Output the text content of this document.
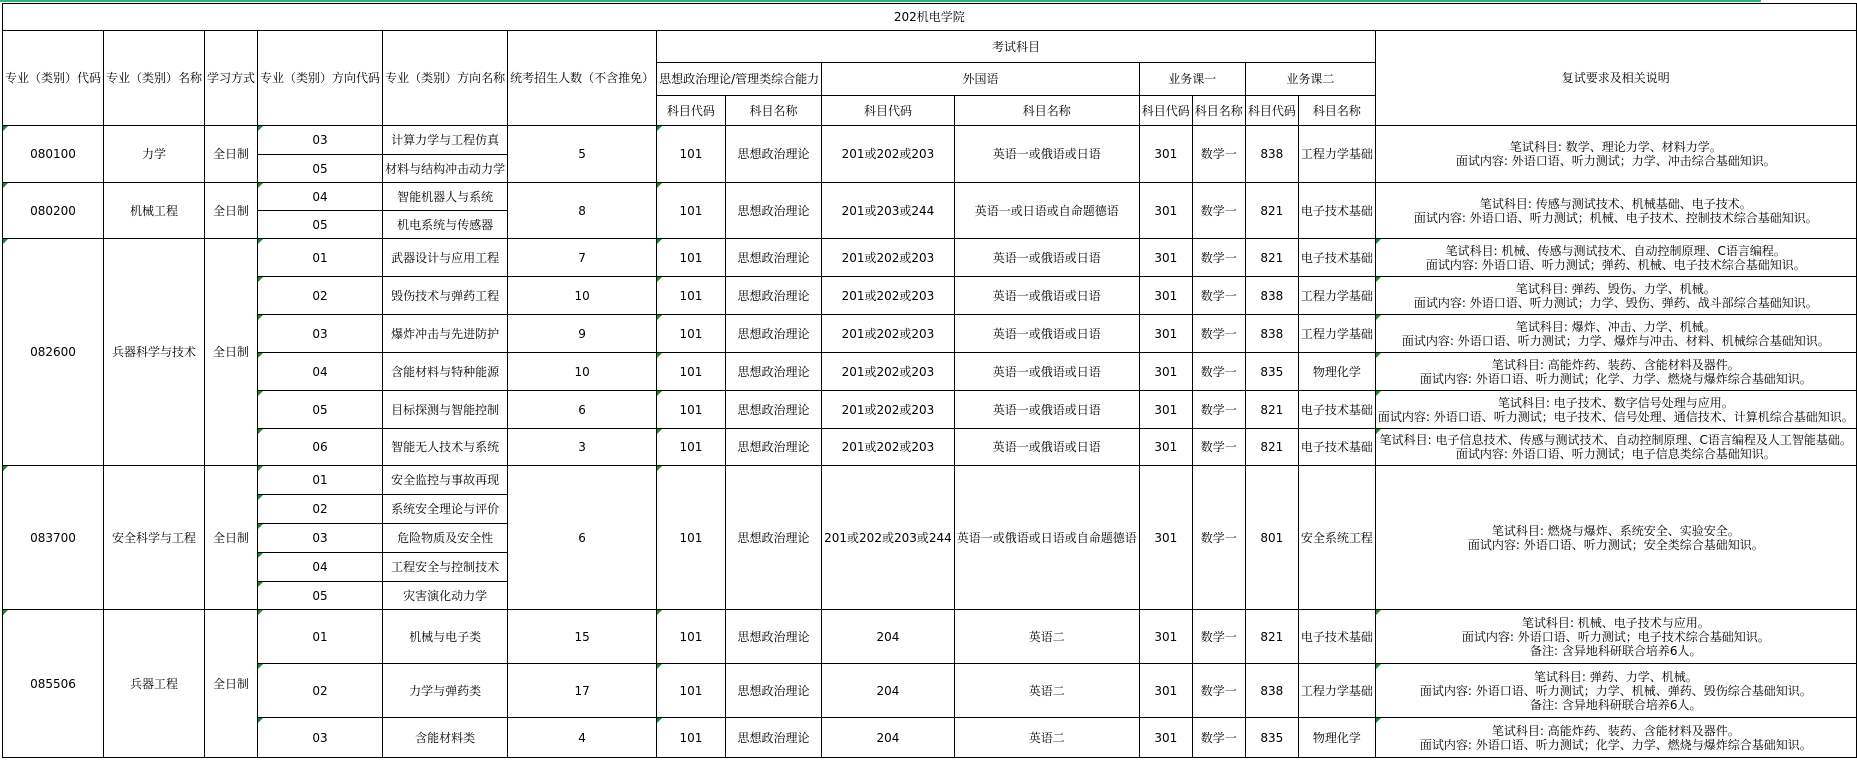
202机电学院														
专业（类别）代码	专业（类别）名称	学习方式	专业（类别）方向代码	专业（类别）方向名称	统考招生人数（不含推免）	考试科目								复试要求及相关说明
						思想政治理论/管理类综合能力		外国语		业务课一		业务课二		
						科目代码	科目名称	科目代码	科目名称	科目代码	科目名称	科目代码	科目名称	
080100	力学	全日制	03	计算力学与工程仿真	5	101	思想政治理论	201或202或203	英语一或俄语或日语	301	数学一	838	工程力学基础	笔试科目: 数学、理论力学、材料力学。
面试内容: 外语口语、听力测试；力学、冲击综合基础知识。

			05	材料与结构冲击动力学										
080200	机械工程	全日制	04	智能机器人与系统	8	101	思想政治理论	201或203或244	英语一或日语或自命题德语	301	数学一	821	电子技术基础	笔试科目: 传感与测试技术、机械基础、电子技术。
面试内容: 外语口语、听力测试；机械、电子技术、控制技术综合基础知识。

			05	机电系统与传感器										
082600	兵器科学与技术	全日制	01	武器设计与应用工程	7	101	思想政治理论	201或202或203	英语一或俄语或日语	301	数学一	821	电子技术基础	笔试科目: 机械、传感与测试技术、自动控制原理、C语言编程。
面试内容: 外语口语、听力测试；弹药、机械、电子技术综合基础知识。

			02	毁伤技术与弹药工程	10	101	思想政治理论	201或202或203	英语一或俄语或日语	301	数学一	838	工程力学基础	笔试科目: 弹药、毁伤、力学、机械。
面试内容: 外语口语、听力测试；力学、毁伤、弹药、战斗部综合基础知识。

			03	爆炸冲击与先进防护	9	101	思想政治理论	201或202或203	英语一或俄语或日语	301	数学一	838	工程力学基础	笔试科目: 爆炸、冲击、力学、机械。
面试内容: 外语口语、听力测试；力学、爆炸与冲击、材料、机械综合基础知识。

			04	含能材料与特种能源	10	101	思想政治理论	201或202或203	英语一或俄语或日语	301	数学一	835	物理化学	笔试科目: 高能炸药、装药、含能材料及器件。
面试内容: 外语口语、听力测试；化学、力学、燃烧与爆炸综合基础知识。

			05	目标探测与智能控制	6	101	思想政治理论	201或202或203	英语一或俄语或日语	301	数学一	821	电子技术基础	笔试科目: 电子技术、数字信号处理与应用。
面试内容: 外语口语、听力测试；电子技术、信号处理、通信技术、计算机综合基础知识。

			06	智能无人技术与系统	3	101	思想政治理论	201或202或203	英语一或俄语或日语	301	数学一	821	电子技术基础	笔试科目: 电子信息技术、传感与测试技术、自动控制原理、C语言编程及人工智能基础。
面试内容: 外语口语、听力测试；电子信息类综合基础知识。

083700	安全科学与工程	全日制	01	安全监控与事故再现	6	101	思想政治理论	201或202或203或244	英语一或俄语或日语或自命题德语	301	数学一	801	安全系统工程	笔试科目: 燃烧与爆炸、系统安全、实验安全。
面试内容: 外语口语、听力测试；安全类综合基础知识。

			02	系统安全理论与评价										
			03	危险物质及安全性										
			04	工程安全与控制技术										
			05	灾害演化动力学										
085506	兵器工程	全日制	01	机械与电子类	15	101	思想政治理论	204	英语二	301	数学一	821	电子技术基础	笔试科目: 机械、电子技术与应用。
面试内容: 外语口语、听力测试；电子技术综合基础知识。
备注: 含异地科研联合培养6人。

			02	力学与弹药类	17	101	思想政治理论	204	英语二	301	数学一	838	工程力学基础	笔试科目: 弹药、力学、机械。
面试内容: 外语口语、听力测试；力学、机械、弹药、毁伤综合基础知识。
备注: 含异地科研联合培养6人。

			03	含能材料类	4	101	思想政治理论	204	英语二	301	数学一	835	物理化学	笔试科目: 高能炸药、装药、含能材料及器件。
面试内容: 外语口语、听力测试；化学、力学、燃烧与爆炸综合基础知识。
